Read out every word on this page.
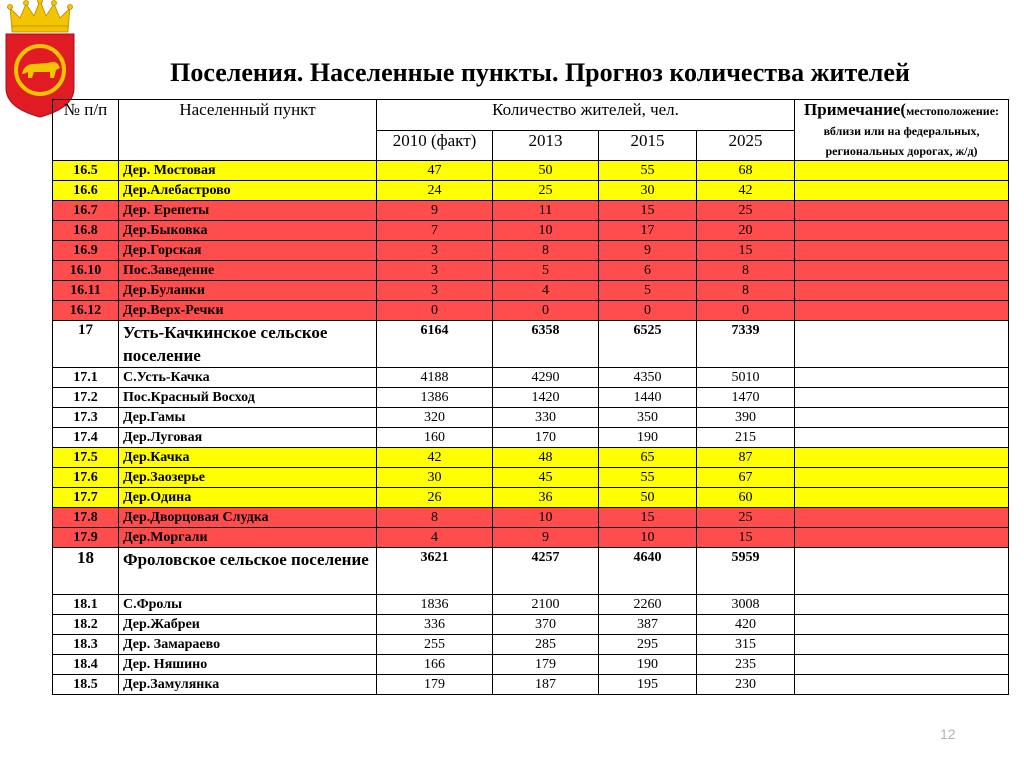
Поселения. Населенные пункты. Прогноз количества жителей
№ п/п	Населенный пункт	Количество жителей, чел.				Примечание(местоположение: вблизи или на федеральных, региональных дорогах, ж/д)
		2010 (факт)	2013	2015	2025	
16.5	Дер. Мостовая	47	50	55	68	
16.6	Дер.Алебастрово	24	25	30	42	
16.7	Дер. Ерепеты	9	11	15	25	
16.8	Дер.Быковка	7	10	17	20	
16.9	Дер.Горская	3	8	9	15	
16.10	Пос.Заведение	3	5	6	8	
16.11	Дер.Буланки	3	4	5	8	
16.12	Дер.Верх-Речки	0	0	0	0	
17	Усть-Качкинское сельское поселение	6164	6358	6525	7339	
17.1	С.Усть-Качка	4188	4290	4350	5010	
17.2	Пос.Красный Восход	1386	1420	1440	1470	
17.3	Дер.Гамы	320	330	350	390	
17.4	Дер.Луговая	160	170	190	215	
17.5	Дер.Качка	42	48	65	87	
17.6	Дер.Заозерье	30	45	55	67	
17.7	Дер.Одина	26	36	50	60	
17.8	Дер.Дворцовая Слудка	8	10	15	25	
17.9	Дер.Моргали	4	9	10	15	
18	Фроловское сельское поселение	3621	4257	4640	5959	
18.1	С.Фролы	1836	2100	2260	3008	
18.2	Дер.Жабреи	336	370	387	420	
18.3	Дер. Замараево	255	285	295	315	
18.4	Дер. Няшино	166	179	190	235	
18.5	Дер.Замулянка	179	187	195	230	
12
